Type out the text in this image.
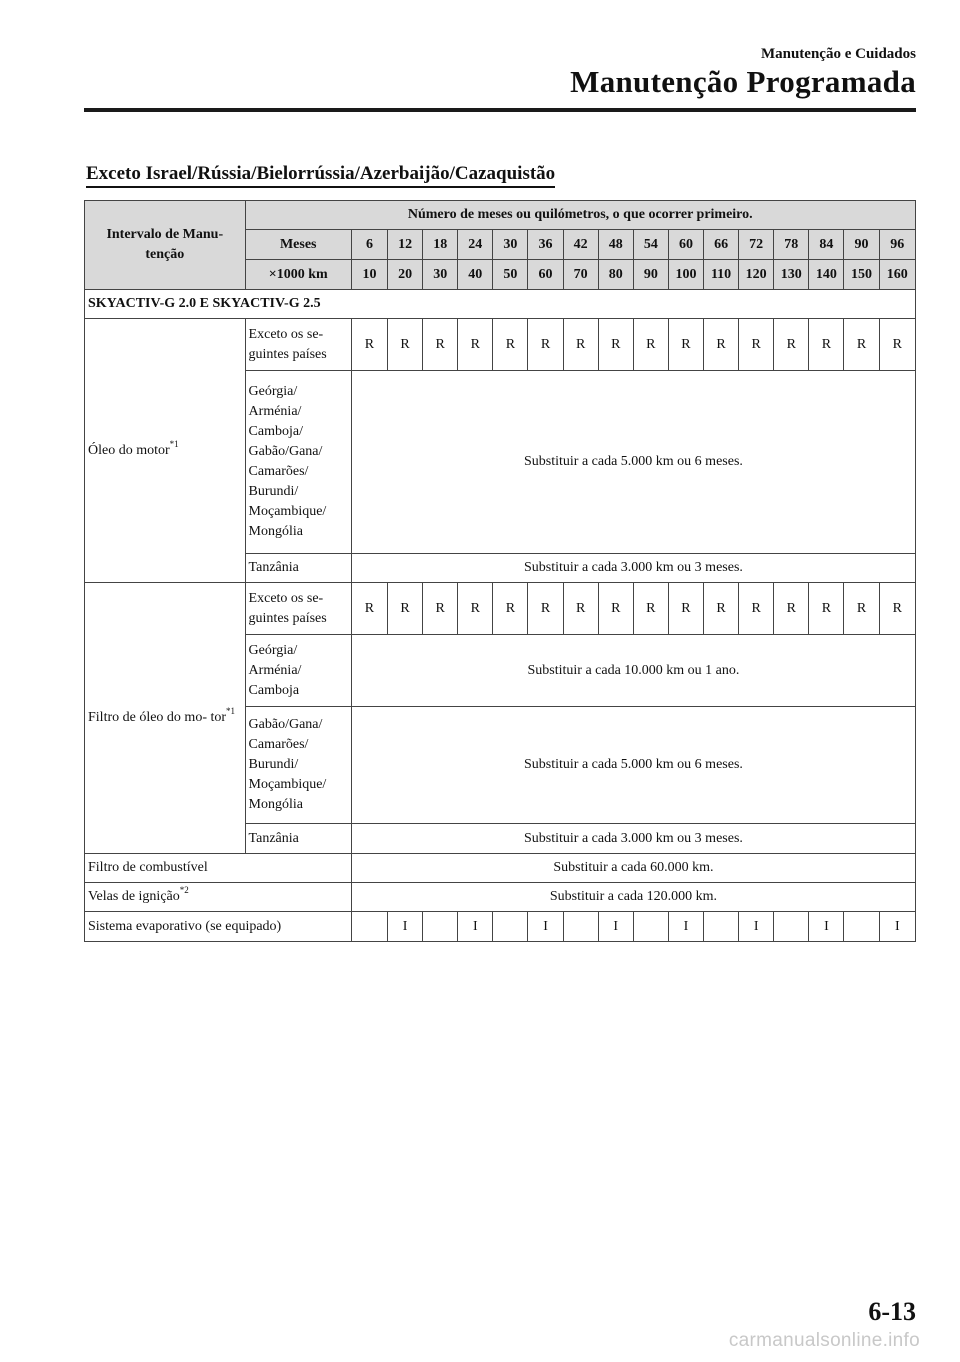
Manutenção e Cuidados
Manutenção Programada
Exceto Israel/Rússia/Bielorrússia/Azerbaijão/Cazaquistão
Intervalo de Manu- tenção	Número de meses ou quilómetros, o que ocorrer primeiro.																
	Meses	6	12	18	24	30	36	42	48	54	60	66	72	78	84	90	96
	×1000 km	10	20	30	40	50	60	70	80	90	100	110	120	130	140	150	160
SKYACTIV-G 2.0 E SKYACTIV-G 2.5																	
Óleo do motor$^{*1}$	Exceto os se- guintes países	R	R	R	R	R	R	R	R	R	R	R	R	R	R	R	R
	Geórgia/ Arménia/ Camboja/ Gabão/Gana/ Camarões/ Burundi/ Moçambique/ Mongólia	Substituir a cada 5.000 km ou 6 meses.															
	Tanzânia	Substituir a cada 3.000 km ou 3 meses.															
Filtro de óleo do mo- tor$^{*1}$	Exceto os se- guintes países	R	R	R	R	R	R	R	R	R	R	R	R	R	R	R	R
	Geórgia/ Arménia/ Camboja	Substituir a cada 10.000 km ou 1 ano.															
	Gabão/Gana/ Camarões/ Burundi/ Moçambique/ Mongólia	Substituir a cada 5.000 km ou 6 meses.															
	Tanzânia	Substituir a cada 3.000 km ou 3 meses.															
Filtro de combustível		Substituir a cada 60.000 km.															
Velas de ignição$^{*2}$		Substituir a cada 120.000 km.															
Sistema evaporativo (se equipado)			I		I		I		I		I		I		I		I
6-13
carmanualsonline.info
